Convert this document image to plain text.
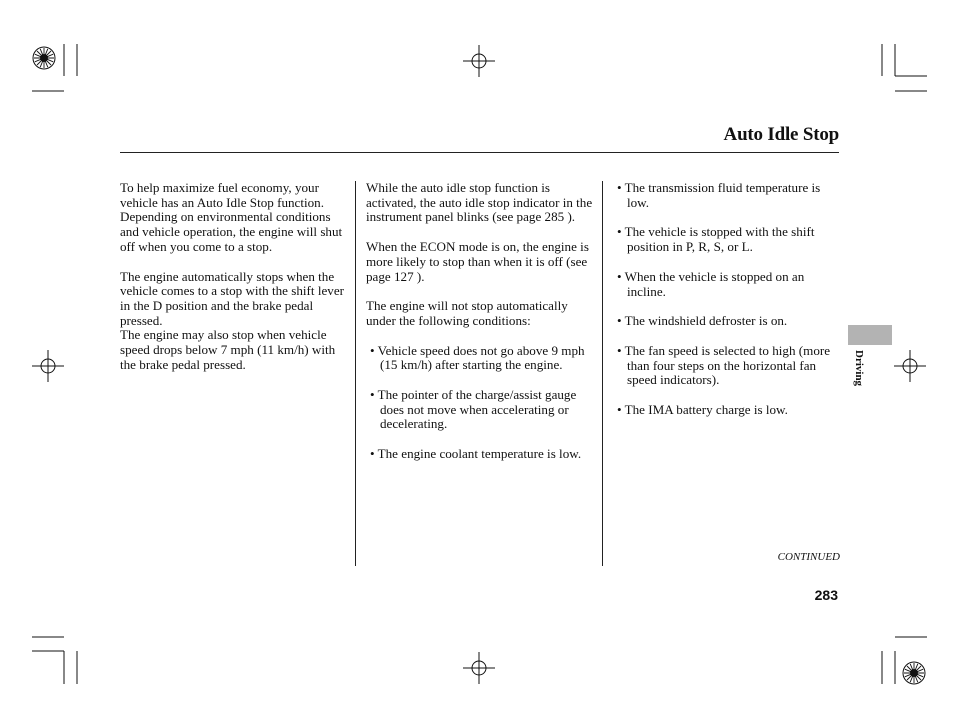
Auto Idle Stop

To help maximize fuel economy, your vehicle has an Auto Idle Stop function. Depending on environmental conditions and vehicle operation, the engine will shut off when you come to a stop.

The engine automatically stops when the vehicle comes to a stop with the shift lever in the D position and the brake pedal pressed.

The engine may also stop when vehicle speed drops below 7 mph (11 km/h) with the brake pedal pressed.

While the auto idle stop function is activated, the auto idle stop indicator in the instrument panel blinks (see page 285 ).

When the ECON mode is on, the engine is more likely to stop than when it is off (see page 127 ).

The engine will not stop automatically under the following conditions:

• Vehicle speed does not go above 9 mph (15 km/h) after starting the engine.

• The pointer of the charge/assist gauge does not move when accelerating or decelerating.

• The engine coolant temperature is low.

• The transmission fluid temperature is low.

• The vehicle is stopped with the shift position in P, R, S, or L.

• When the vehicle is stopped on an incline.

• The windshield defroster is on.

• The fan speed is selected to high (more than four steps on the horizontal fan speed indicators).

• The IMA battery charge is low.

Driving
CONTINUED
283
